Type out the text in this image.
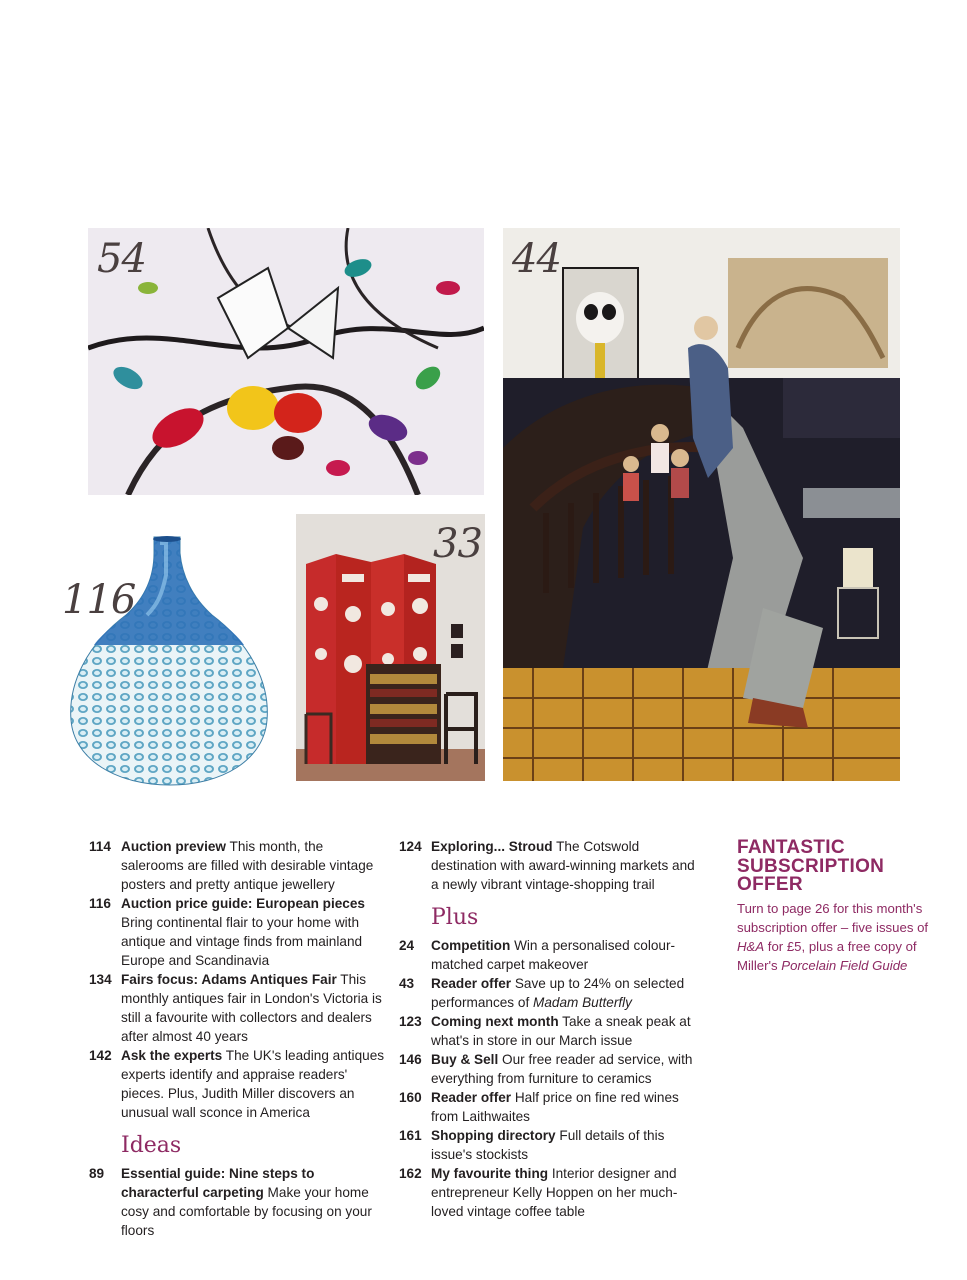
54	44
116
33
114 Auction preview This month, the salerooms are filled with desirable vintage posters and pretty antique jewellery
116 Auction price guide: European pieces Bring continental flair to your home with antique and vintage finds from mainland Europe and Scandinavia
134 Fairs focus: Adams Antiques Fair This monthly antiques fair in London's Victoria is still a favourite with collectors and dealers after almost 40 years
142 Ask the experts The UK's leading antiques experts identify and appraise readers' pieces. Plus, Judith Miller discovers an unusual wall sconce in America
Ideas
89 Essential guide: Nine steps to characterful carpeting Make your home cosy and comfortable by focusing on your floors
124 Exploring... Stroud The Cotswold destination with award-winning markets and a newly vibrant vintage-shopping trail
Plus
24 Competition Win a personalised colour-matched carpet makeover
43 Reader offer Save up to 24% on selected performances of Madam Butterfly
123 Coming next month Take a sneak peak at what's in store in our March issue
146 Buy & Sell Our free reader ad service, with everything from furniture to ceramics
160 Reader offer Half price on fine red wines from Laithwaites
161 Shopping directory Full details of this issue's stockists
162 My favourite thing Interior designer and entrepreneur Kelly Hoppen on her much-loved vintage coffee table
FANTASTIC SUBSCRIPTION OFFER
Turn to page 26 for this month's subscription offer – five issues of H&A for £5, plus a free copy of Miller's Porcelain Field Guide
